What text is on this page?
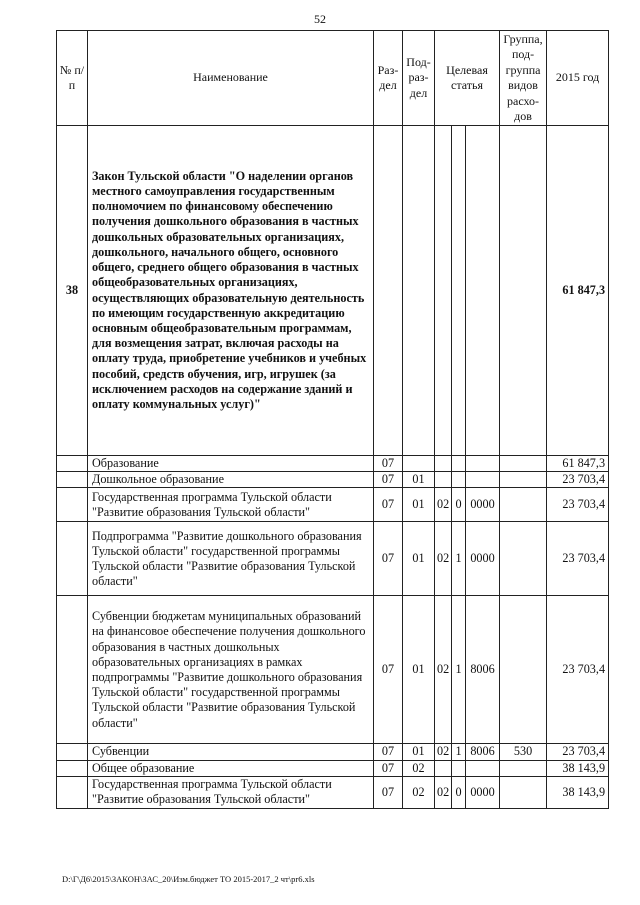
52
№ п/п	Наименование	Раз-дел	Под-раз-дел	Целевая статья			Группа, под-группа видов расхо-дов	2015 год
38	Закон Тульской области "О наделении органов местного самоуправления государственным полномочием по финансовому обеспечению получения дошкольного образования в частных дошкольных образовательных организациях, дошкольного, начального общего, основного общего, среднего общего образования в частных общеобразовательных организациях, осуществляющих образовательную деятельность по имеющим государственную аккредитацию основным общеобразовательным программам, для возмещения затрат, включая расходы на оплату труда, приобретение учебников и учебных пособий, средств обучения, игр, игрушек (за исключением расходов на содержание зданий и оплату коммунальных услуг)"							61 847,3
	Образование	07						61 847,3
	Дошкольное образование	07	01					23 703,4
	Государственная программа Тульской области "Развитие образования Тульской области"	07	01	02	0	0000		23 703,4
	Подпрограмма "Развитие дошкольного образования Тульской области" государственной программы Тульской области "Развитие образования Тульской области"	07	01	02	1	0000		23 703,4
	Субвенции бюджетам муниципальных образований на финансовое обеспечение получения дошкольного образования в частных дошкольных образовательных организациях в рамках подпрограммы "Развитие дошкольного образования Тульской области" государственной программы Тульской области "Развитие образования Тульской области"	07	01	02	1	8006		23 703,4
	Субвенции	07	01	02	1	8006	530	23 703,4
	Общее образование	07	02					38 143,9
	Государственная программа Тульской области "Развитие образования Тульской области"	07	02	02	0	0000		38 143,9
D:\Г\Д6\2015\ЗАКОН\ЗАС_20\Изм.бюджет ТО 2015-2017_2 чт\pr6.xls
